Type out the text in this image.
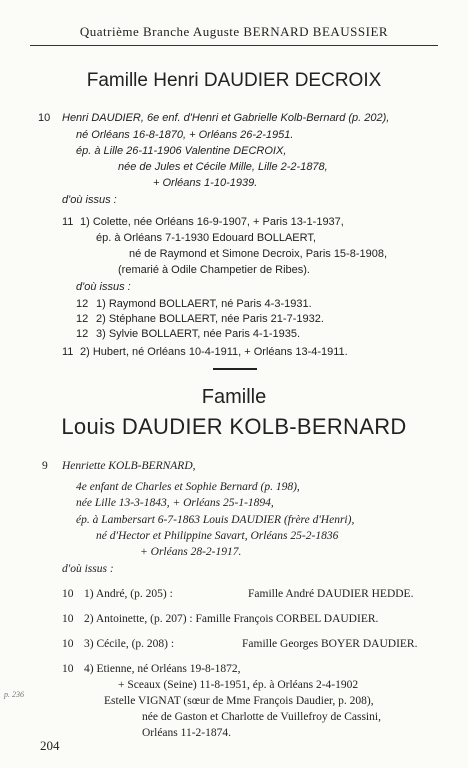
Quatrième Branche Auguste BERNARD BEAUSSIER
Famille Henri DAUDIER DECROIX
10 Henri DAUDIER, 6e enf. d'Henri et Gabrielle Kolb-Bernard (p. 202),
né Orléans 16-8-1870, + Orléans 26-2-1951.
ép. à Lille 26-11-1906 Valentine DECROIX,
née de Jules et Cécile Mille, Lille 2-2-1878,
+ Orléans 1-10-1939.
d'où issus :
11 1) Colette, née Orléans 16-9-1907, + Paris 13-1-1937,
ép. à Orléans 7-1-1930 Edouard BOLLAERT,
né de Raymond et Simone Decroix, Paris 15-8-1908,
(remarié à Odile Champetier de Ribes).
d'où issus :
12 1) Raymond BOLLAERT, né Paris 4-3-1931.
12 2) Stéphane BOLLAERT, née Paris 21-7-1932.
12 3) Sylvie BOLLAERT, née Paris 4-1-1935.
11 2) Hubert, né Orléans 10-4-1911, + Orléans 13-4-1911.
Famille
Louis DAUDIER KOLB-BERNARD
9 Henriette KOLB-BERNARD,
4e enfant de Charles et Sophie Bernard (p. 198),
née Lille 13-3-1843, + Orléans 25-1-1894,
ép. à Lambersart 6-7-1863 Louis DAUDIER (frère d'Henri),
né d'Hector et Philippine Savart, Orléans 25-2-1836
+ Orléans 28-2-1917.
d'où issus :
10 1) André, (p. 205) :	Famille André DAUDIER HEDDE.
10 2) Antoinette, (p. 207) : Famille François CORBEL DAUDIER.
10 3) Cécile, (p. 208) :	Famille Georges BOYER DAUDIER.
10 4) Etienne, né Orléans 19-8-1872,
+ Sceaux (Seine) 11-8-1951, ép. à Orléans 2-4-1902
Estelle VIGNAT (sœur de Mme François Daudier, p. 208),
née de Gaston et Charlotte de Vuillefroy de Cassini,
Orléans 11-2-1874.
p. 236
204
